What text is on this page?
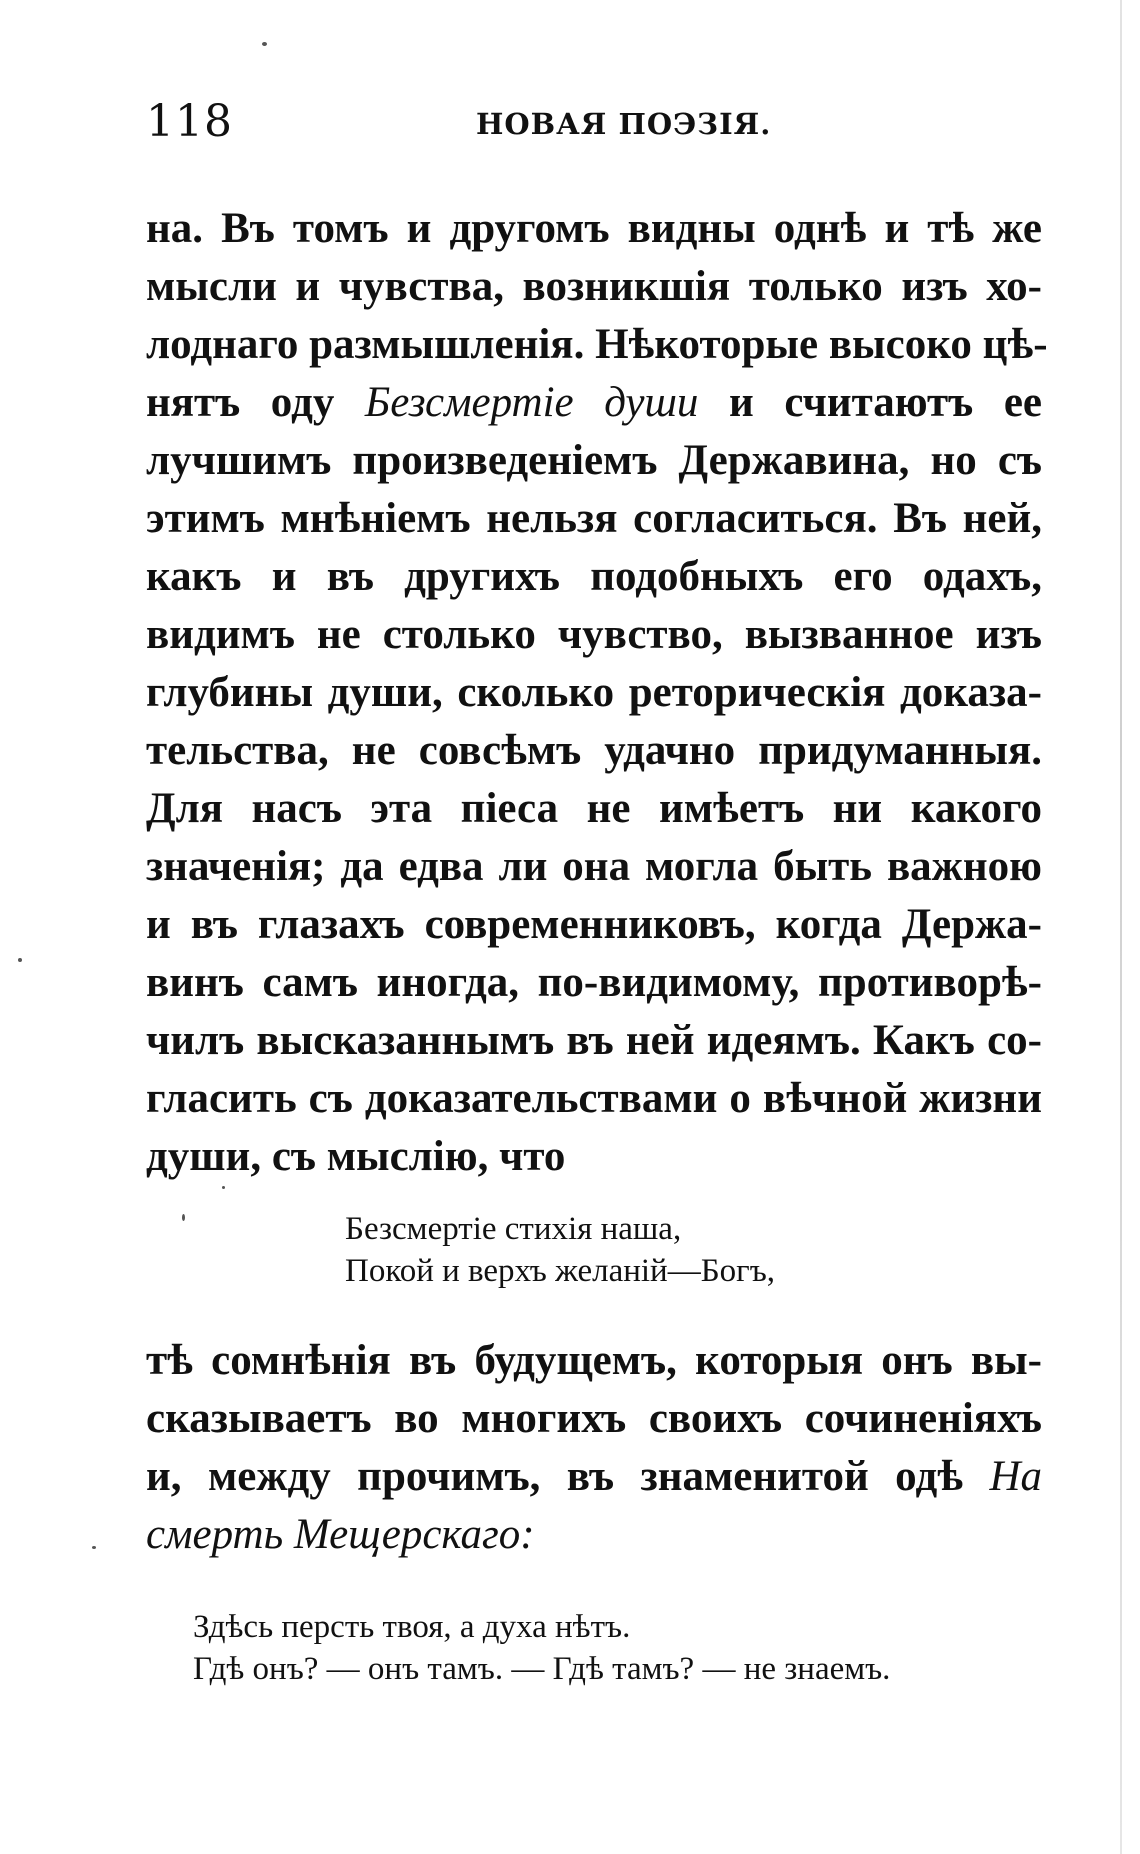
118	НОВАЯ ПОЭЗІЯ.
на. Въ томъ и другомъ видны однѣ и тѣ же
мысли и чувства, возникшія только изъ хо-
лоднаго размышленія. Нѣкоторые высоко цѣ-
нятъ оду Безсмертіе души и считаютъ ее
лучшимъ произведеніемъ Державина, но съ
этимъ мнѣніемъ нельзя согласиться. Въ ней,
какъ и въ другихъ подобныхъ его одахъ,
видимъ не столько чувство, вызванное изъ
глубины души, сколько реторическія доказа-
тельства, не совсѣмъ удачно придуманныя.
Для насъ эта піеса не имѣетъ ни какого
значенія; да едва ли она могла быть важною
и въ глазахъ современниковъ, когда Держа-
винъ самъ иногда, по-видимому, противорѣ-
чилъ высказаннымъ въ ней идеямъ. Какъ со-
гласить съ доказательствами о вѣчной жизни
души, съ мыслію, что
Безсмертіе стихія наша,
Покой и верхъ желаній—Богъ,
тѣ сомнѣнія въ будущемъ, которыя онъ вы-
сказываетъ во многихъ своихъ сочиненіяхъ
и, между прочимъ, въ знаменитой одѣ На
смерть Мещерскаго:
Здѣсь персть твоя, а духа нѣтъ.
Гдѣ онъ? — онъ тамъ. — Гдѣ тамъ? — не знаемъ.
